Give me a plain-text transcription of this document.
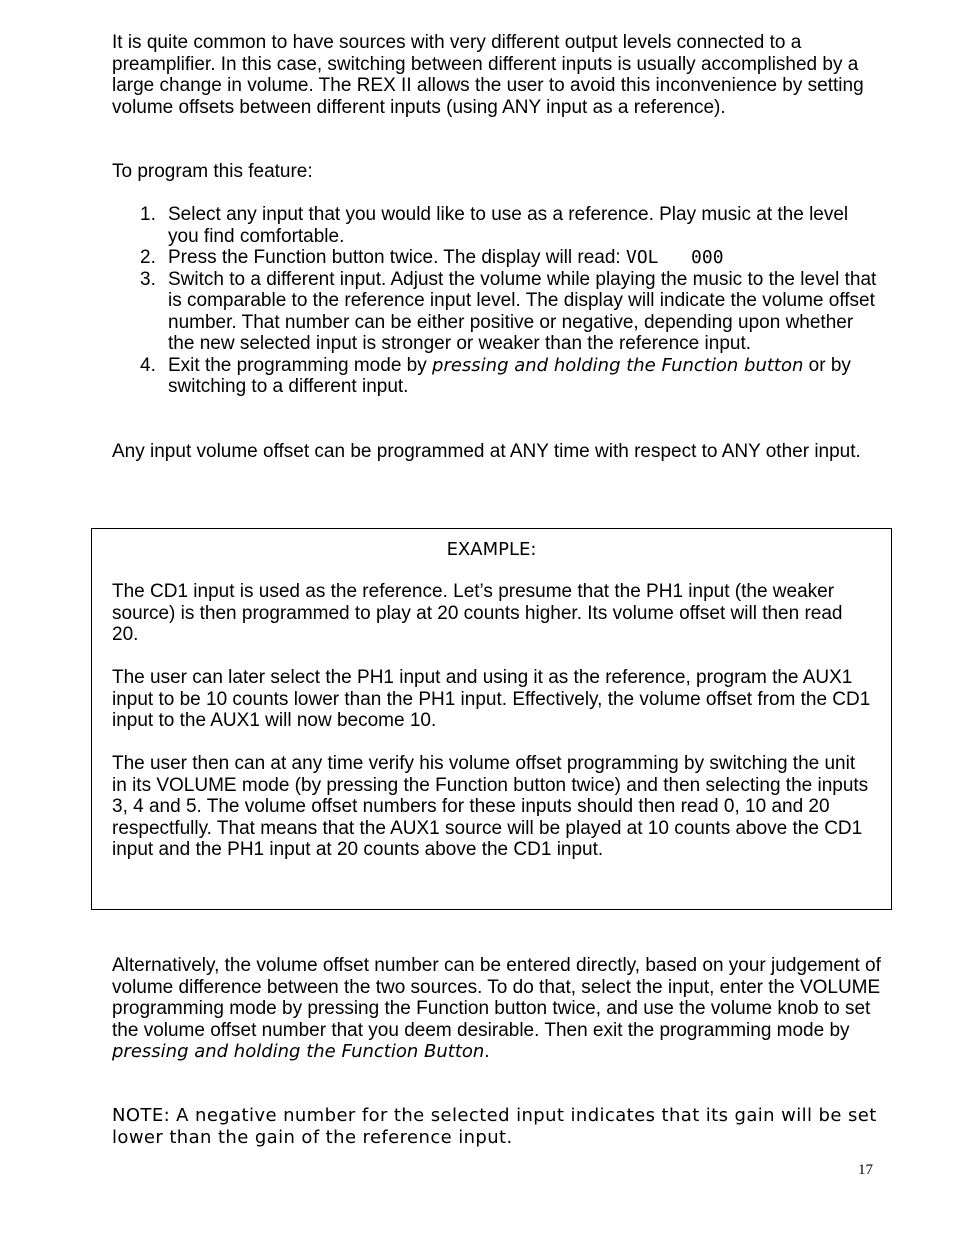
It is quite common to have sources with very different output levels connected to a preamplifier. In this case, switching between different inputs is usually accomplished by a large change in volume. The REX II allows the user to avoid this inconvenience by setting volume offsets between different inputs (using ANY input as a reference).

To program this feature:

1. Select any input that you would like to use as a reference. Play music at the level you find comfortable.
2. Press the Function button twice. The display will read: VOL   000
3. Switch to a different input. Adjust the volume while playing the music to the level that is comparable to the reference input level. The display will indicate the volume offset number. That number can be either positive or negative, depending upon whether the new selected input is stronger or weaker than the reference input.
4. Exit the programming mode by pressing and holding the Function button or by switching to a different input.

Any input volume offset can be programmed at ANY time with respect to ANY other input.

EXAMPLE:

The CD1 input is used as the reference. Let’s presume that the PH1 input (the weaker source) is then programmed to play at 20 counts higher. Its volume offset will then read 20.

The user can later select the PH1 input and using it as the reference, program the AUX1 input to be 10 counts lower than the PH1 input. Effectively, the volume offset from the CD1 input to the AUX1 will now become 10.

The user then can at any time verify his volume offset programming by switching the unit in its VOLUME mode (by pressing the Function button twice) and then selecting the inputs 3, 4 and 5. The volume offset numbers for these inputs should then read 0, 10 and 20 respectfully. That means that the AUX1 source will be played at 10 counts above the CD1 input and the PH1 input at 20 counts above the CD1 input.

Alternatively, the volume offset number can be entered directly, based on your judgement of volume difference between the two sources. To do that, select the input, enter the VOLUME programming mode by pressing the Function button twice, and use the volume knob to set the volume offset number that you deem desirable. Then exit the programming mode by pressing and holding the Function Button.

NOTE: A negative number for the selected input indicates that its gain will be set lower than the gain of the reference input.

17
